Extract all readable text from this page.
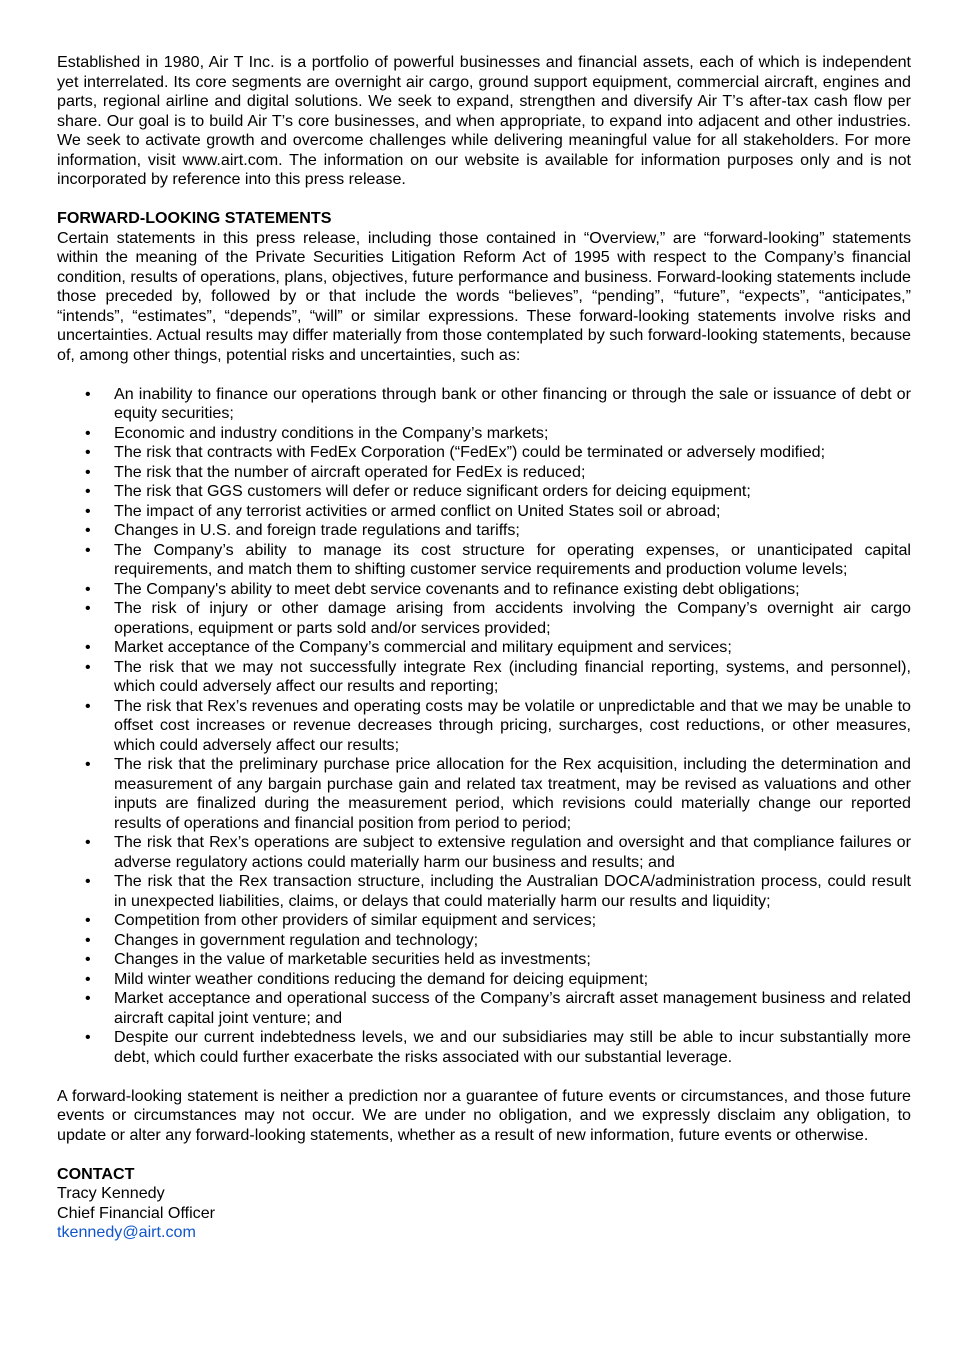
Established in 1980, Air T Inc. is a portfolio of powerful businesses and financial assets, each of which is independent yet interrelated. Its core segments are overnight air cargo, ground support equipment, commercial aircraft, engines and parts, regional airline and digital solutions. We seek to expand, strengthen and diversify Air T’s after-tax cash flow per share. Our goal is to build Air T’s core businesses, and when appropriate, to expand into adjacent and other industries. We seek to activate growth and overcome challenges while delivering meaningful value for all stakeholders. For more information, visit www.airt.com. The information on our website is available for information purposes only and is not incorporated by reference into this press release.

FORWARD-LOOKING STATEMENTS

Certain statements in this press release, including those contained in “Overview,” are “forward-looking” statements within the meaning of the Private Securities Litigation Reform Act of 1995 with respect to the Company’s financial condition, results of operations, plans, objectives, future performance and business. Forward-looking statements include those preceded by, followed by or that include the words “believes”, “pending”, “future”, “expects”, “anticipates,” “intends”, “estimates”, “depends”, “will” or similar expressions. These forward-looking statements involve risks and uncertainties. Actual results may differ materially from those contemplated by such forward-looking statements, because of, among other things, potential risks and uncertainties, such as:

• An inability to finance our operations through bank or other financing or through the sale or issuance of debt or equity securities;
• Economic and industry conditions in the Company’s markets;
• The risk that contracts with FedEx Corporation (“FedEx”) could be terminated or adversely modified;
• The risk that the number of aircraft operated for FedEx is reduced;
• The risk that GGS customers will defer or reduce significant orders for deicing equipment;
• The impact of any terrorist activities or armed conflict on United States soil or abroad;
• Changes in U.S. and foreign trade regulations and tariffs;
• The Company’s ability to manage its cost structure for operating expenses, or unanticipated capital requirements, and match them to shifting customer service requirements and production volume levels;
• The Company's ability to meet debt service covenants and to refinance existing debt obligations;
• The risk of injury or other damage arising from accidents involving the Company’s overnight air cargo operations, equipment or parts sold and/or services provided;
• Market acceptance of the Company’s commercial and military equipment and services;
• The risk that we may not successfully integrate Rex (including financial reporting, systems, and personnel), which could adversely affect our results and reporting;
• The risk that Rex’s revenues and operating costs may be volatile or unpredictable and that we may be unable to offset cost increases or revenue decreases through pricing, surcharges, cost reductions, or other measures, which could adversely affect our results;
• The risk that the preliminary purchase price allocation for the Rex acquisition, including the determination and measurement of any bargain purchase gain and related tax treatment, may be revised as valuations and other inputs are finalized during the measurement period, which revisions could materially change our reported results of operations and financial position from period to period;
• The risk that Rex’s operations are subject to extensive regulation and oversight and that compliance failures or adverse regulatory actions could materially harm our business and results; and
• The risk that the Rex transaction structure, including the Australian DOCA/administration process, could result in unexpected liabilities, claims, or delays that could materially harm our results and liquidity;
• Competition from other providers of similar equipment and services;
• Changes in government regulation and technology;
• Changes in the value of marketable securities held as investments;
• Mild winter weather conditions reducing the demand for deicing equipment;
• Market acceptance and operational success of the Company’s aircraft asset management business and related aircraft capital joint venture; and
• Despite our current indebtedness levels, we and our subsidiaries may still be able to incur substantially more debt, which could further exacerbate the risks associated with our substantial leverage.

A forward-looking statement is neither a prediction nor a guarantee of future events or circumstances, and those future events or circumstances may not occur. We are under no obligation, and we expressly disclaim any obligation, to update or alter any forward-looking statements, whether as a result of new information, future events or otherwise.

CONTACT

Tracy Kennedy

Chief Financial Officer

tkennedy@airt.com
